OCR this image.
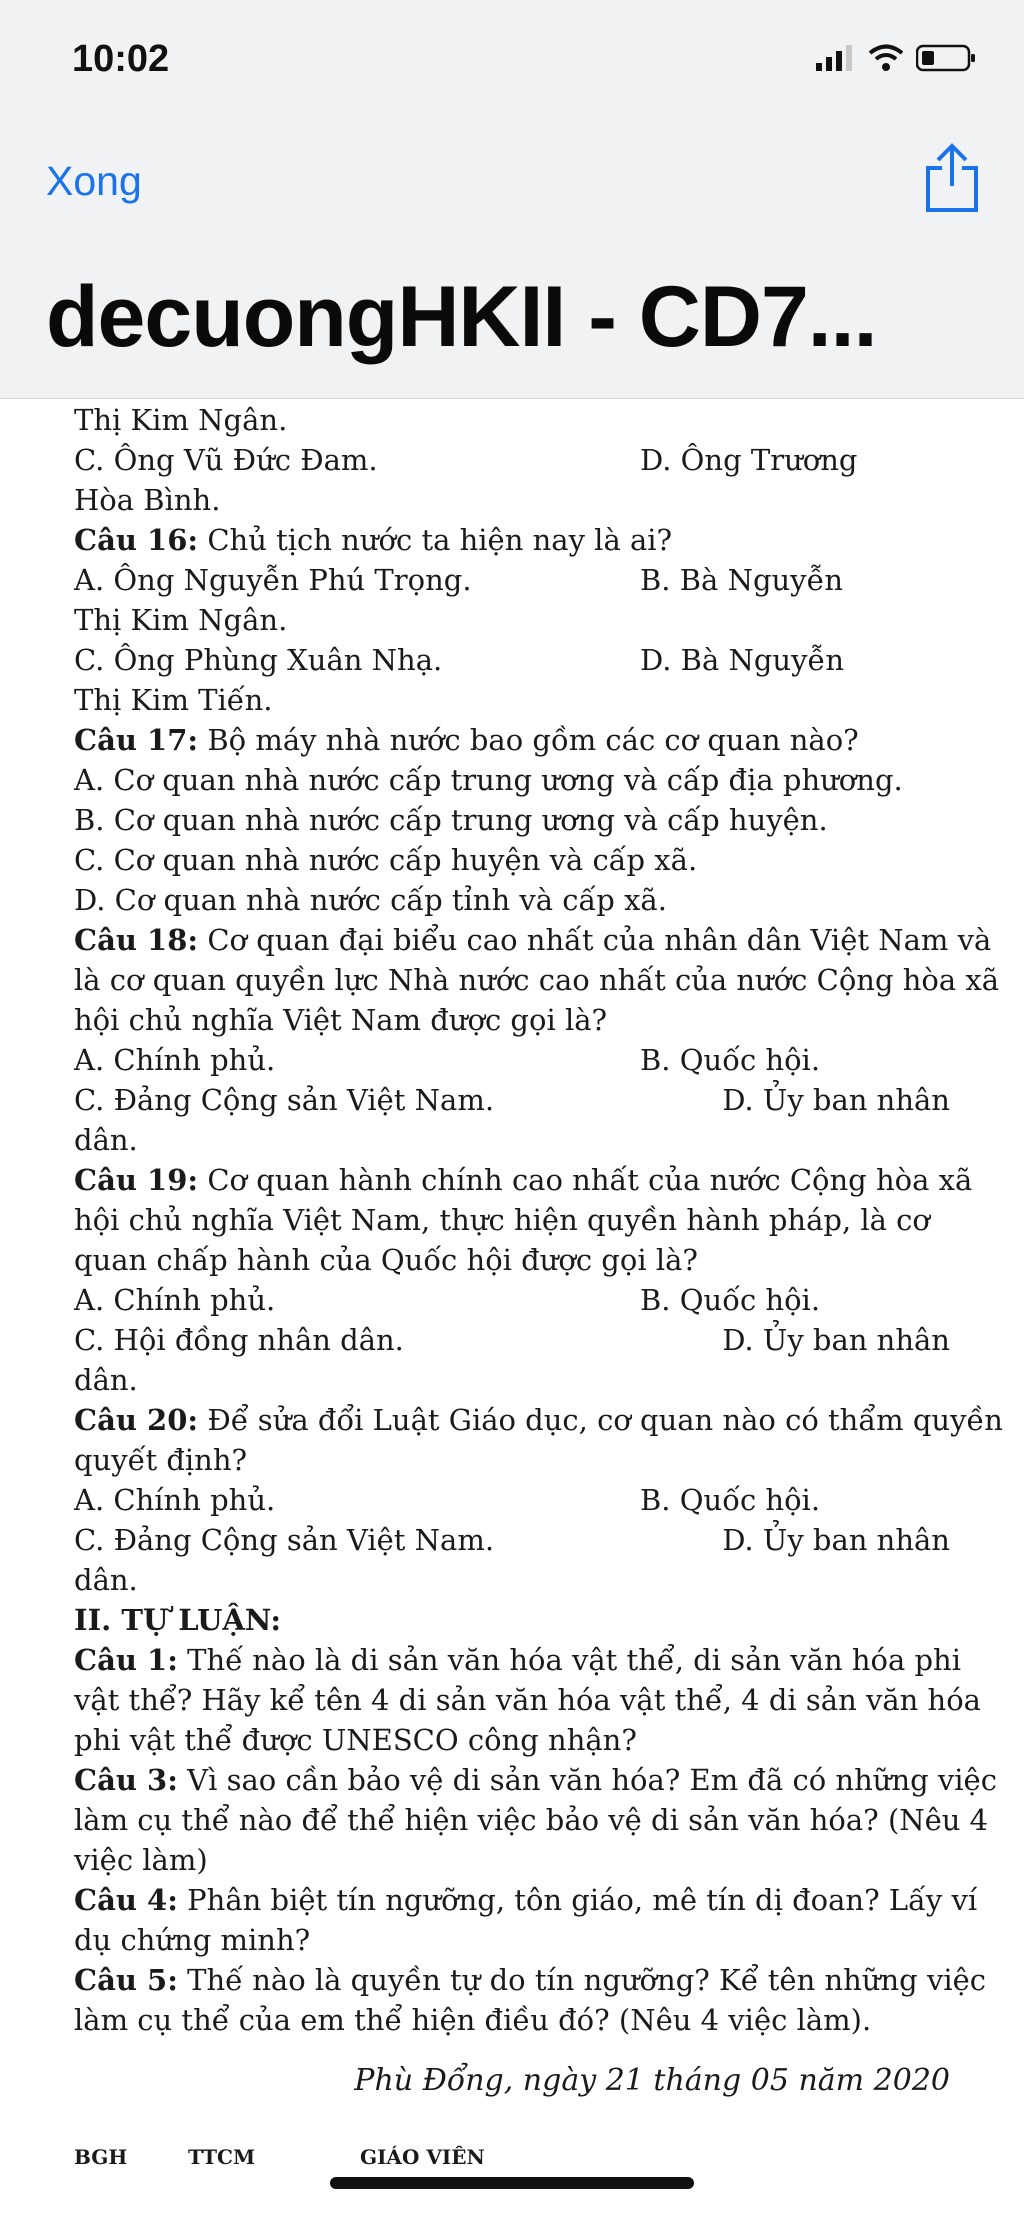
10:02
Xong
decuongHKII - CD7...
Thị Kim Ngân.
C. Ông Vũ Đức Đam.	D. Ông Trương
Hòa Bình.
Câu 16: Chủ tịch nước ta hiện nay là ai?
A. Ông Nguyễn Phú Trọng.	B. Bà Nguyễn
Thị Kim Ngân.
C. Ông Phùng Xuân Nhạ.	D. Bà Nguyễn
Thị Kim Tiến.
Câu 17: Bộ máy nhà nước bao gồm các cơ quan nào?
A. Cơ quan nhà nước cấp trung ương và cấp địa phương.
B. Cơ quan nhà nước cấp trung ương và cấp huyện.
C. Cơ quan nhà nước cấp huyện và cấp xã.
D. Cơ quan nhà nước cấp tỉnh và cấp xã.
Câu 18: Cơ quan đại biểu cao nhất của nhân dân Việt Nam và
là cơ quan quyền lực Nhà nước cao nhất của nước Cộng hòa xã
hội chủ nghĩa Việt Nam được gọi là?
A. Chính phủ.	B. Quốc hội.
C. Đảng Cộng sản Việt Nam.	D. Ủy ban nhân
dân.
Câu 19: Cơ quan hành chính cao nhất của nước Cộng hòa xã
hội chủ nghĩa Việt Nam, thực hiện quyền hành pháp, là cơ
quan chấp hành của Quốc hội được gọi là?
A. Chính phủ.	B. Quốc hội.
C. Hội đồng nhân dân.	D. Ủy ban nhân
dân.
Câu 20: Để sửa đổi Luật Giáo dục, cơ quan nào có thẩm quyền
quyết định?
A. Chính phủ.	B. Quốc hội.
C. Đảng Cộng sản Việt Nam.	D. Ủy ban nhân
dân.
II. TỰ LUẬN:
Câu 1: Thế nào là di sản văn hóa vật thể, di sản văn hóa phi
vật thể? Hãy kể tên 4 di sản văn hóa vật thể, 4 di sản văn hóa
phi vật thể được UNESCO công nhận?
Câu 3: Vì sao cần bảo vệ di sản văn hóa? Em đã có những việc
làm cụ thể nào để thể hiện việc bảo vệ di sản văn hóa? (Nêu 4
việc làm)
Câu 4: Phân biệt tín ngưỡng, tôn giáo, mê tín dị đoan? Lấy ví
dụ chứng minh?
Câu 5: Thế nào là quyền tự do tín ngưỡng? Kể tên những việc
làm cụ thể của em thể hiện điều đó? (Nêu 4 việc làm).
Phù Đổng, ngày 21 tháng 05 năm 2020
BGH	TTCM	GIÁO VIÊN
